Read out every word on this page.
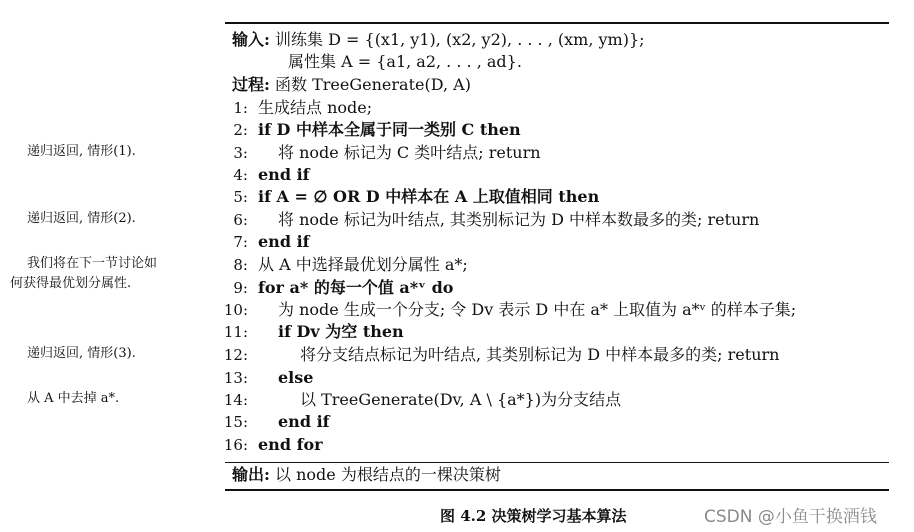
输入: 训练集 D = {(x1, y1), (x2, y2), . . . , (xm, ym)};
属性集 A = {a1, a2, . . . , ad}.
过程: 函数 TreeGenerate(D, A)
1: 生成结点 node;
2: if D 中样本全属于同一类别 C then
3: 将 node 标记为 C 类叶结点; return
4: end if
5: if A = ∅ OR D 中样本在 A 上取值相同 then
6: 将 node 标记为叶结点, 其类别标记为 D 中样本数最多的类; return
7: end if
8: 从 A 中选择最优划分属性 a*;
9: for a* 的每一个值 a*ᵛ do
10: 为 node 生成一个分支; 令 Dv 表示 D 中在 a* 上取值为 a*ᵛ 的样本子集;
11: if Dv 为空 then
12:	将分支结点标记为叶结点, 其类别标记为 D 中样本最多的类; return
13: else
14:	以 TreeGenerate(Dv, A \ {a*})为分支结点
15: end if
16: end for
输出: 以 node 为根结点的一棵决策树
递归返回, 情形(1).
递归返回, 情形(2).
我们将在下一节讨论如
何获得最优划分属性.
递归返回, 情形(3).
从 A 中去掉 a*.
图 4.2 决策树学习基本算法	CSDN @小鱼干换酒钱
